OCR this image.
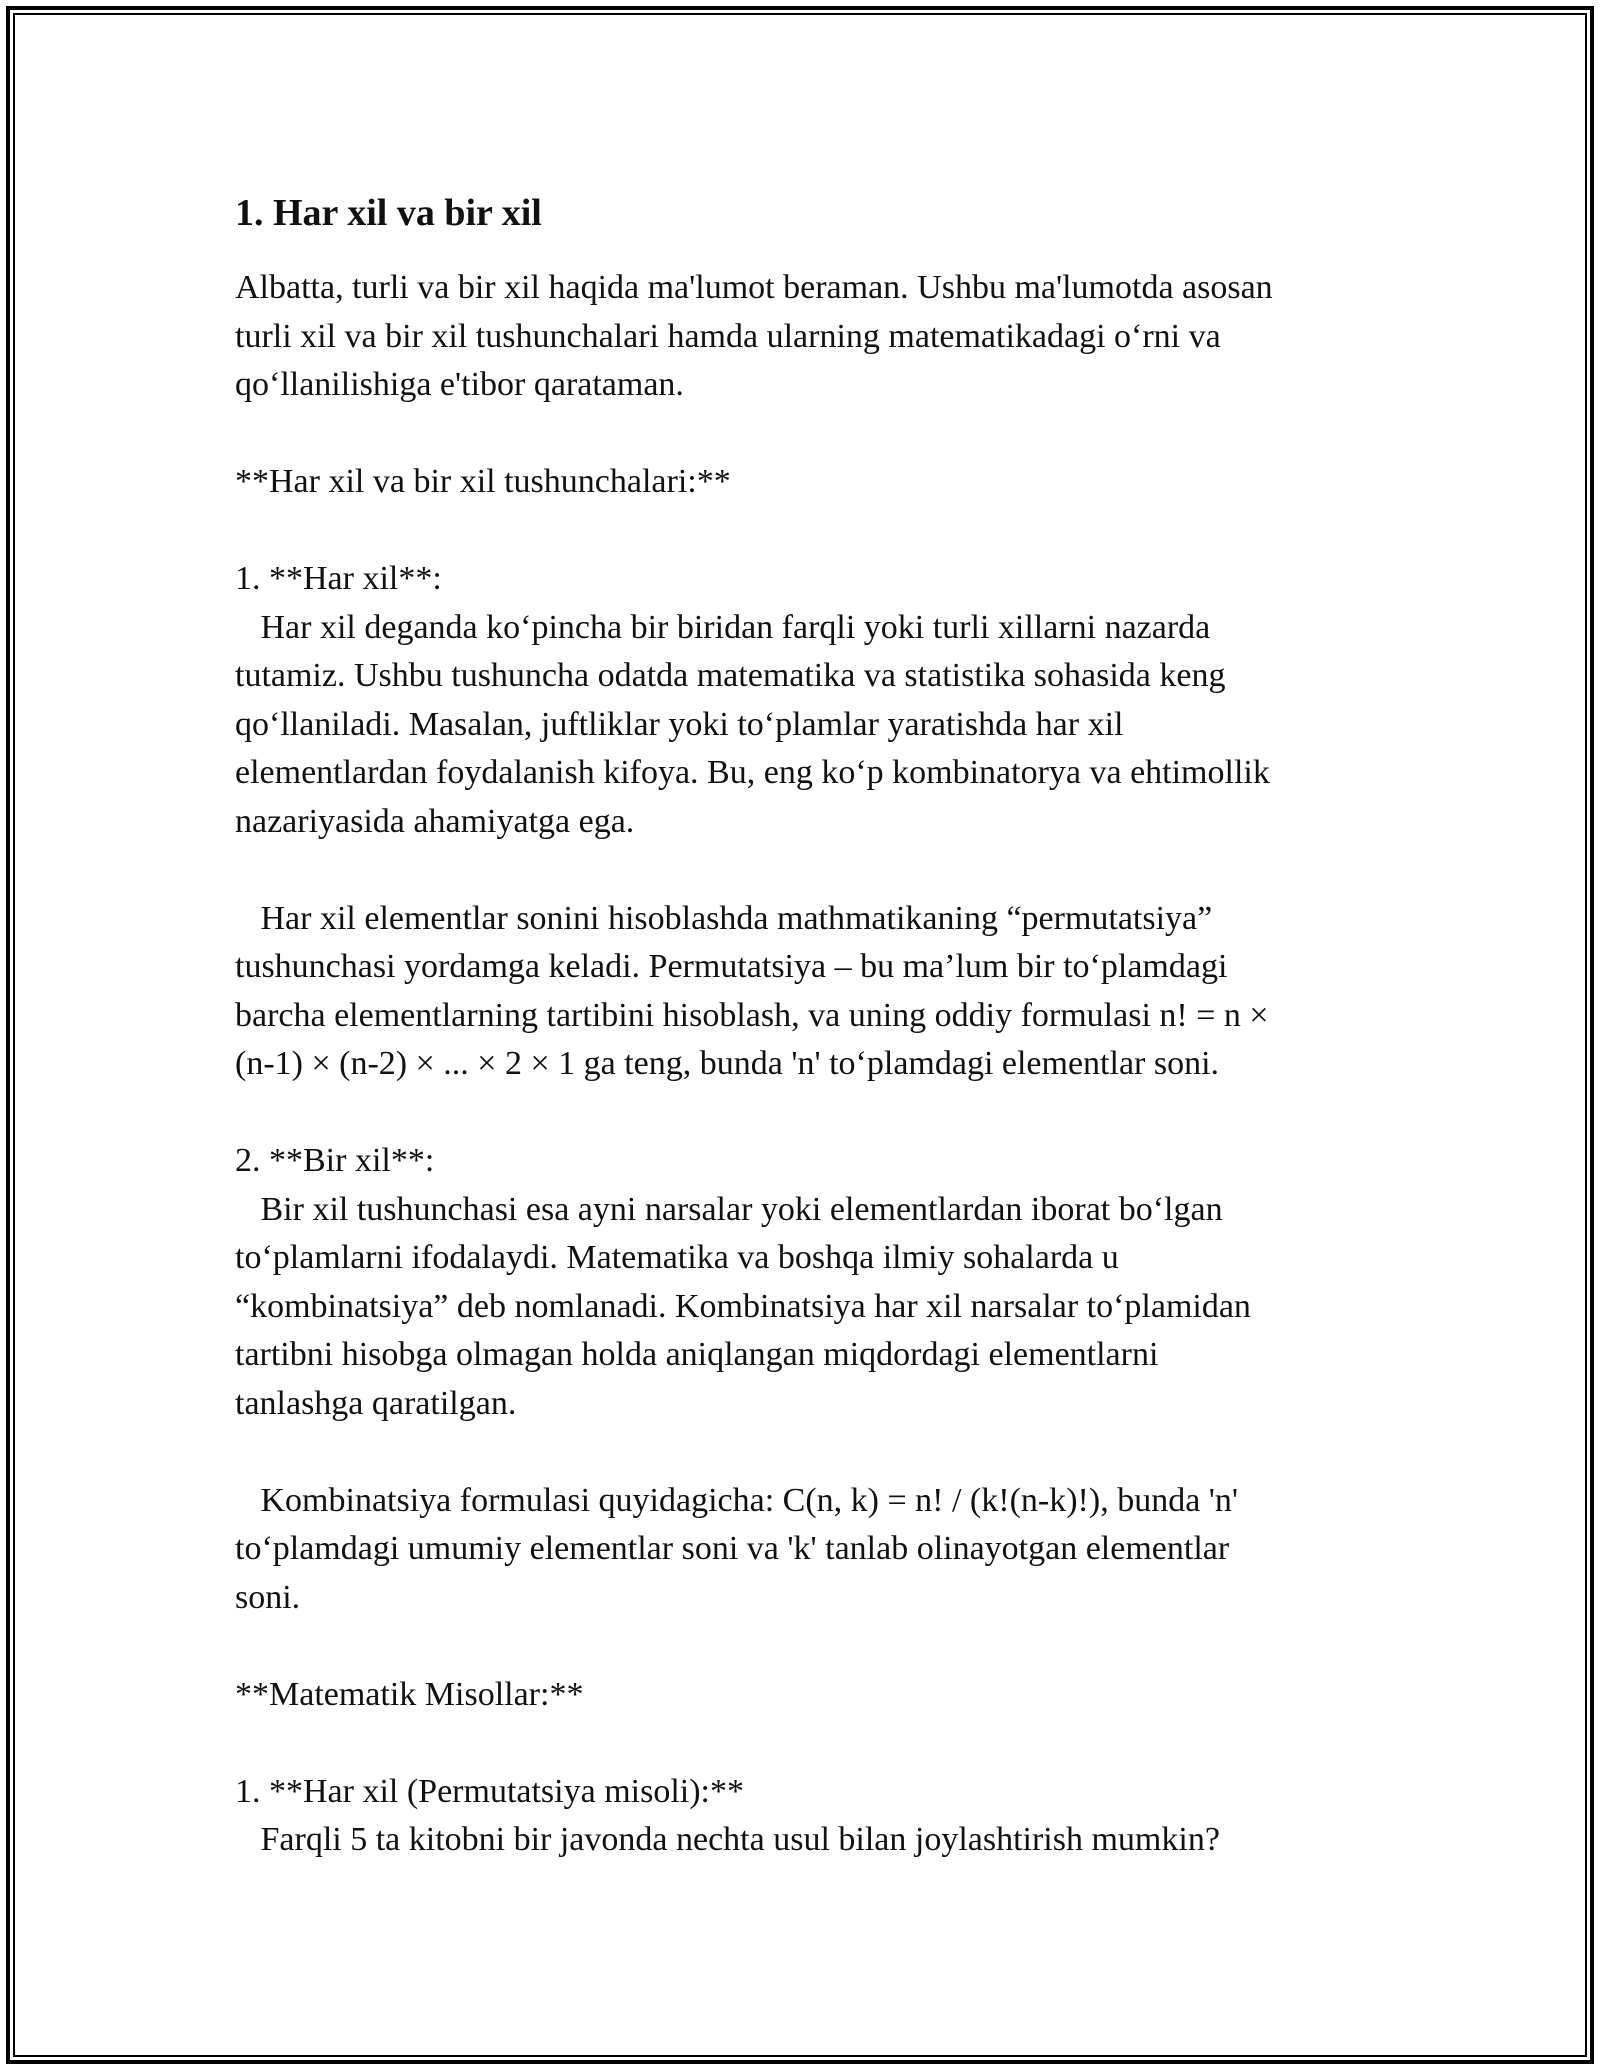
1. Har xil va bir xil
Albatta, turli va bir xil haqida ma'lumot beraman. Ushbu ma'lumotda asosan
turli xil va bir xil tushunchalari hamda ularning matematikadagi o‘rni va
qo‘llanilishiga e'tibor qarataman.
**Har xil va bir xil tushunchalari:**
1. **Har xil**:
Har xil deganda ko‘pincha bir biridan farqli yoki turli xillarni nazarda
tutamiz. Ushbu tushuncha odatda matematika va statistika sohasida keng
qo‘llaniladi. Masalan, juftliklar yoki to‘plamlar yaratishda har xil
elementlardan foydalanish kifoya. Bu, eng ko‘p kombinatorya va ehtimollik
nazariyasida ahamiyatga ega.
Har xil elementlar sonini hisoblashda mathmatikaning “permutatsiya”
tushunchasi yordamga keladi. Permutatsiya – bu ma’lum bir to‘plamdagi
barcha elementlarning tartibini hisoblash, va uning oddiy formulasi n! = n ×
(n-1) × (n-2) × ... × 2 × 1 ga teng, bunda 'n' to‘plamdagi elementlar soni.
2. **Bir xil**:
Bir xil tushunchasi esa ayni narsalar yoki elementlardan iborat bo‘lgan
to‘plamlarni ifodalaydi. Matematika va boshqa ilmiy sohalarda u
“kombinatsiya” deb nomlanadi. Kombinatsiya har xil narsalar to‘plamidan
tartibni hisobga olmagan holda aniqlangan miqdordagi elementlarni
tanlashga qaratilgan.
Kombinatsiya formulasi quyidagicha: C(n, k) = n! / (k!(n-k)!), bunda 'n'
to‘plamdagi umumiy elementlar soni va 'k' tanlab olinayotgan elementlar
soni.
**Matematik Misollar:**
1. **Har xil (Permutatsiya misoli):**
Farqli 5 ta kitobni bir javonda nechta usul bilan joylashtirish mumkin?
